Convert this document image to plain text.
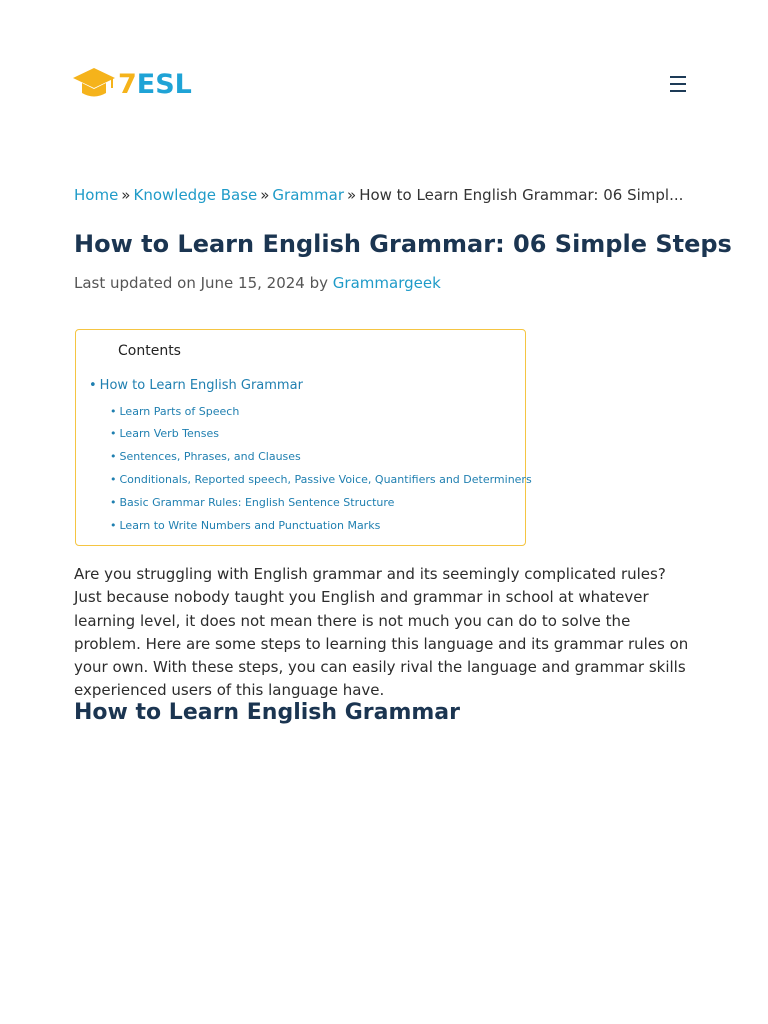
7ESL
Home » Knowledge Base » Grammar » How to Learn English Grammar: 06 Simpl...
How to Learn English Grammar: 06 Simple Steps
Last updated on June 15, 2024 by Grammargeek
Contents
• How to Learn English Grammar
• Learn Parts of Speech
• Learn Verb Tenses
• Sentences, Phrases, and Clauses
• Conditionals, Reported speech, Passive Voice, Quantifiers and Determiners
• Basic Grammar Rules: English Sentence Structure
• Learn to Write Numbers and Punctuation Marks

Are you struggling with English grammar and its seemingly complicated rules? Just because nobody taught you English and grammar in school at whatever learning level, it does not mean there is not much you can do to solve the problem. Here are some steps to learning this language and its grammar rules on your own. With these steps, you can easily rival the language and grammar skills experienced users of this language have.

How to Learn English Grammar
